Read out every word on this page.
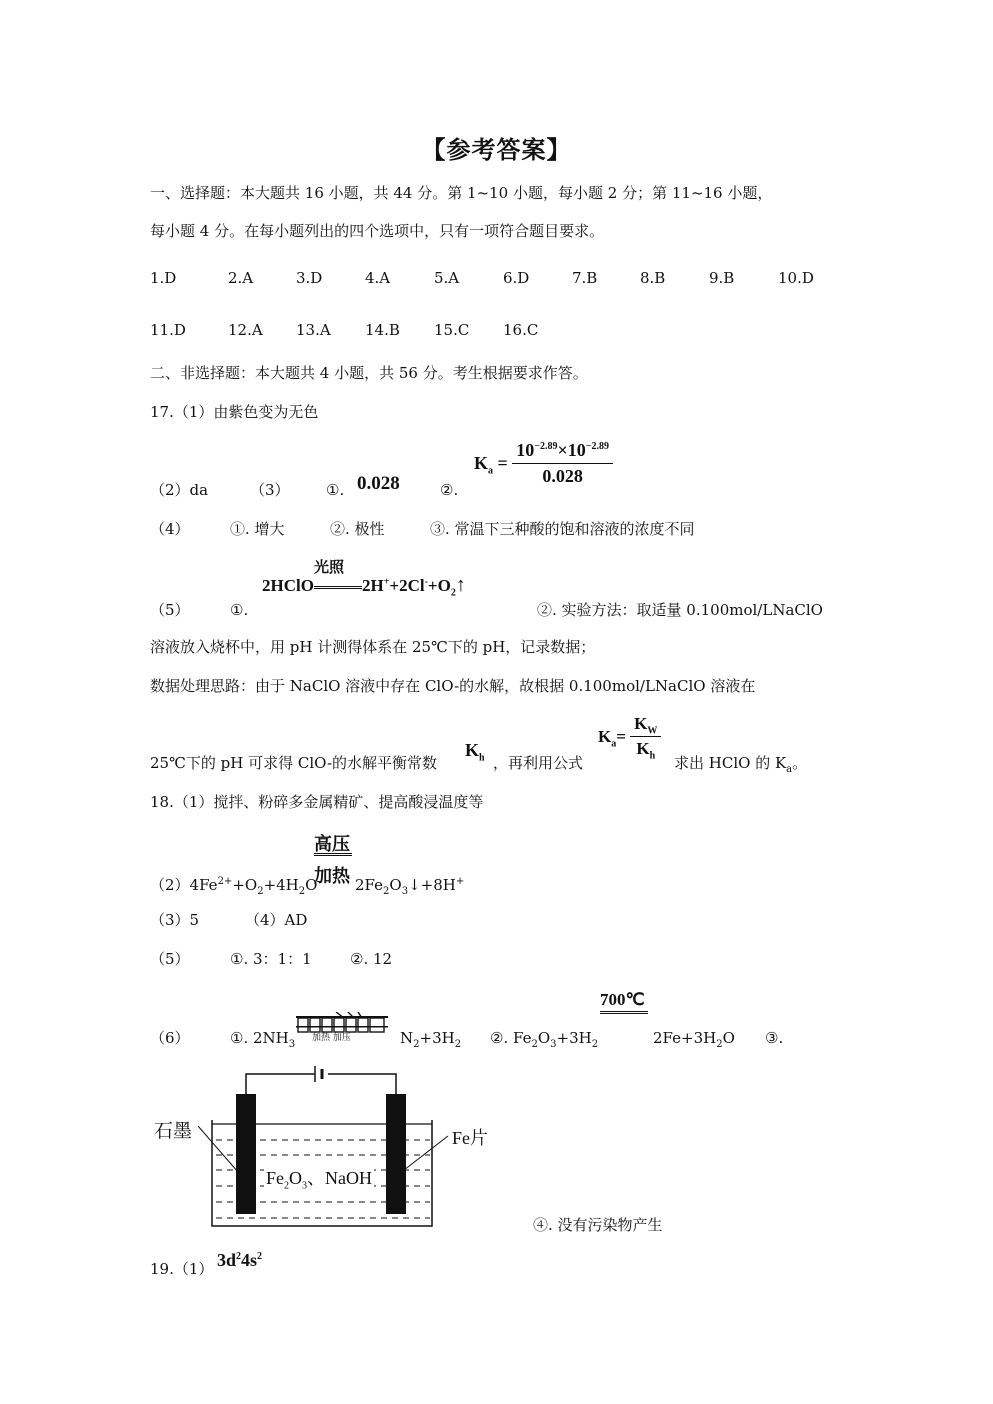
【参考答案】
一、选择题：本大题共 16 小题，共 44 分。第 1~10 小题，每小题 2 分；第 11~16 小题，
每小题 4 分。在每小题列出的四个选项中，只有一项符合题目要求。
1.D	2.A	3.D	4.A	5.A	6.D	7.B	8.B	9.B	10.D
11.D	12.A 13.A 14.B 15.C 16.C
二、非选择题：本大题共 4 小题，共 56 分。考生根据要求作答。
17.（1）由紫色变为无色
（2）da	（3） ①. 0.028	②.
$K_a = \frac{10^{-2.89}\times 10^{-2.89}}{0.028}$
（4）	①. 增大	②. 极性	③. 常温下三种酸的饱和溶液的浓度不同
光照
2HClO	$2H^++2Cl^-+O_2↑$
（5）	①.	②. 实验方法：取适量 0.100mol/LNaClO
溶液放入烧杯中，用 pH 计测得体系在 25℃下的 pH，记录数据；
数据处理思路：由于 NaClO 溶液中存在 ClO-的水解，故根据 0.100mol/LNaClO 溶液在
25℃下的 pH 可求得 ClO-的水解平衡常数
$K_h$ ，再利用公式
$K_a= \frac{K_W}{K_h}$
求出 HClO 的 $K_a$。
18.（1）搅拌、粉碎多金属精矿、提高酸浸温度等
高压
加热
$(2)4Fe^{2+}+O_2+4H_2O$	$2Fe_2O_3↓+8H^+$
（3）5	（4）AD
（5）	①. 3：1：1	②. 12
700℃
加热 加压
（6）	①. $2NH_3$	$N_2+3H_2$ ②. $Fe_2O_3+3H_2$	$2Fe+3H_2O$ ③.
石墨	Fe片
$Fe_2O_3$、NaOH
④. 没有污染物产生
19.（1） $3d^24s^2$
